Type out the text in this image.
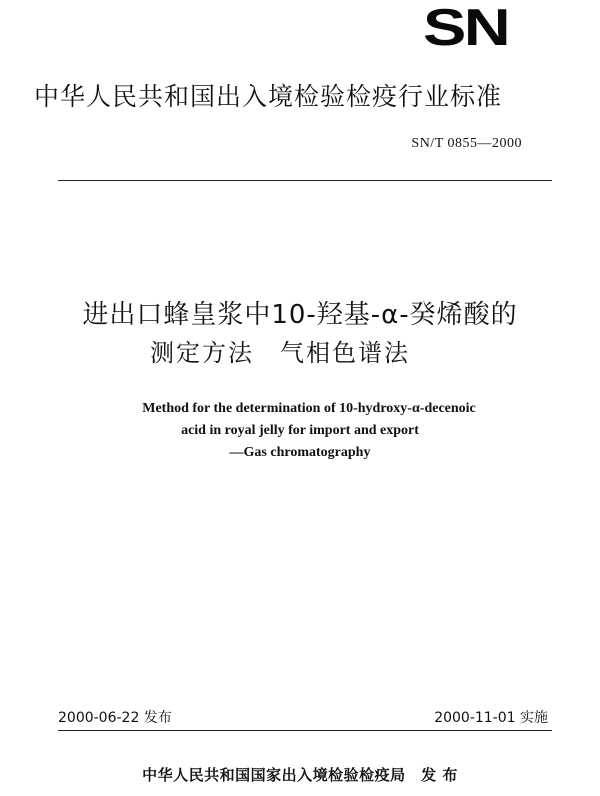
SN
中华人民共和国出入境检验检疫行业标准
SN/T 0855—2000
进出口蜂皇浆中10-羟基-α-癸烯酸的
测定方法　气相色谱法
Method for the determination of 10-hydroxy-α-decenoic
acid in royal jelly for import and export
—Gas chromatography
2000-06-22 发布	2000-11-01 实施
中华人民共和国国家出入境检验检疫局　发 布
